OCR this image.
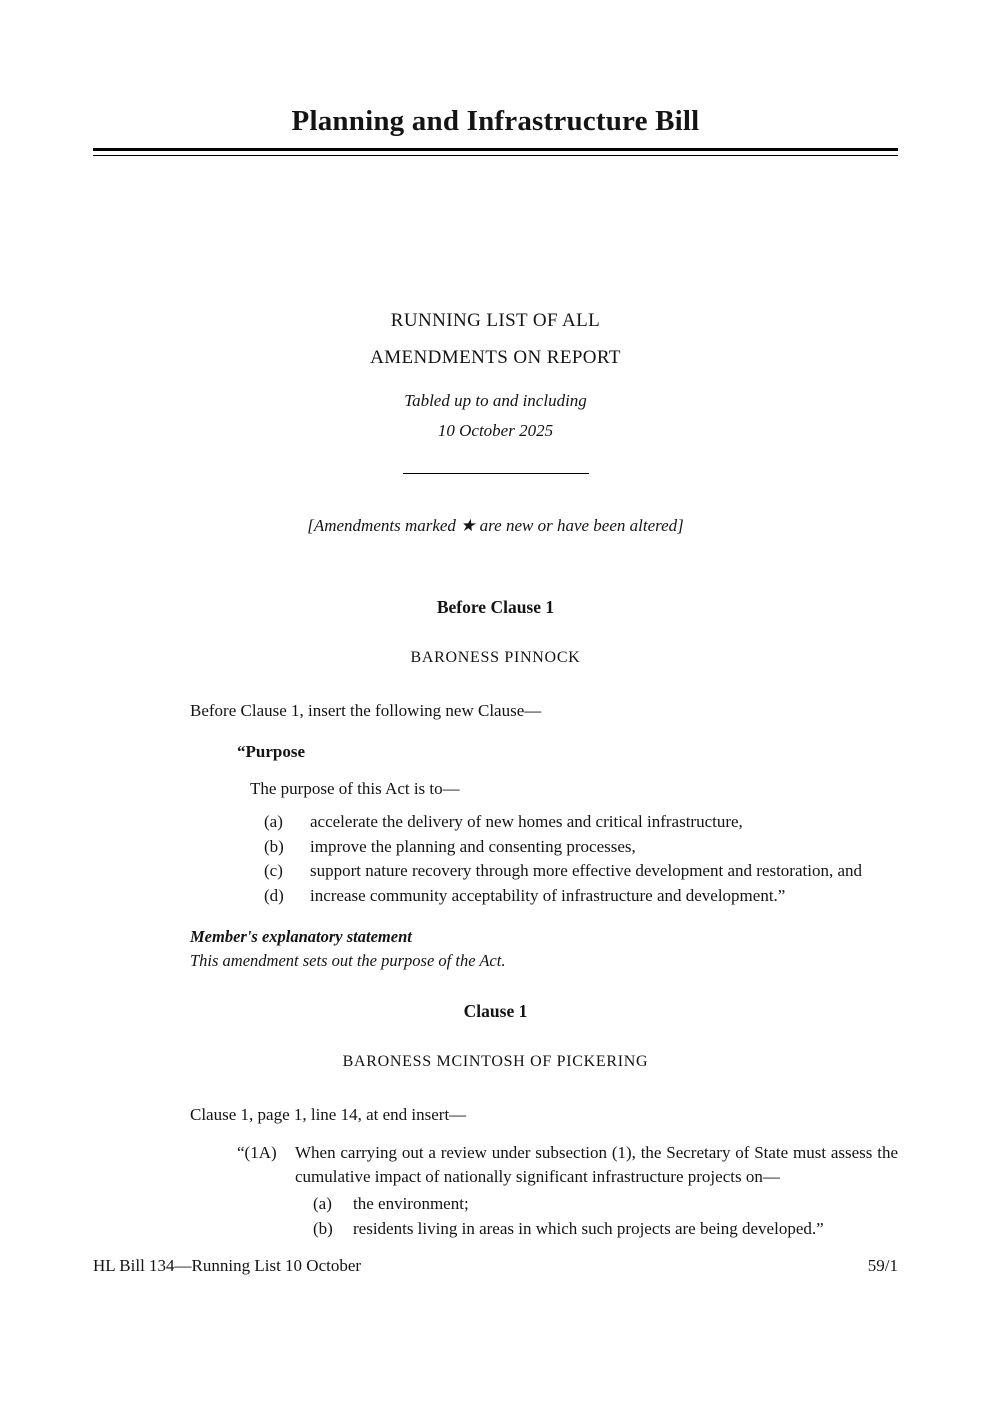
Planning and Infrastructure Bill
RUNNING LIST OF ALL
AMENDMENTS ON REPORT
Tabled up to and including
10 October 2025
[Amendments marked ★ are new or have been altered]
Before Clause 1
BARONESS PINNOCK
Before Clause 1, insert the following new Clause—
“Purpose
The purpose of this Act is to—
(a)	accelerate the delivery of new homes and critical infrastructure,
(b)	improve the planning and consenting processes,
(c)	support nature recovery through more effective development and restoration, and
(d)	increase community acceptability of infrastructure and development.”
Member's explanatory statement
This amendment sets out the purpose of the Act.
Clause 1
BARONESS MCINTOSH OF PICKERING
Clause 1, page 1, line 14, at end insert—
“(1A)	When carrying out a review under subsection (1), the Secretary of State must assess the cumulative impact of nationally significant infrastructure projects on—
(a)	the environment;
(b)	residents living in areas in which such projects are being developed.”
HL Bill 134—Running List 10 October	59/1
